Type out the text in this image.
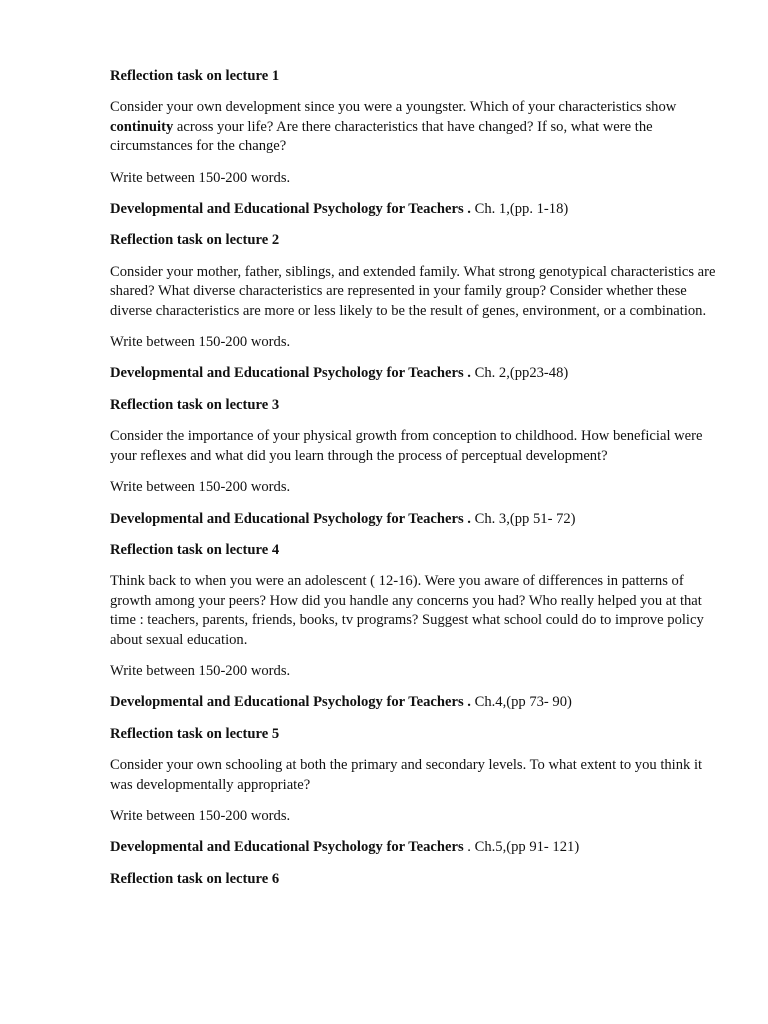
Reflection task on lecture 1

Consider your own development since you were a youngster. Which of your characteristics show continuity across your life? Are there characteristics that have changed? If so, what were the circumstances for the change?

Write between 150-200 words.

Developmental and Educational Psychology for Teachers . Ch. 1,(pp. 1-18)

Reflection task on lecture 2

Consider your mother, father, siblings, and extended family. What strong genotypical characteristics are shared? What diverse characteristics are represented in your family group? Consider whether these diverse characteristics are more or less likely to be the result of genes, environment, or a combination.

Write between 150-200 words.

Developmental and Educational Psychology for Teachers . Ch. 2,(pp23-48)

Reflection task on lecture 3

Consider the importance of your physical growth from conception to childhood. How beneficial were your reflexes and what did you learn through the process of perceptual development?

Write between 150-200 words.

Developmental and Educational Psychology for Teachers . Ch. 3,(pp 51- 72)

Reflection task on lecture 4

Think back to when you were an adolescent ( 12-16). Were you aware of differences in patterns of growth among your peers? How did you handle any concerns you had? Who really helped you at that time : teachers, parents, friends, books, tv programs? Suggest what school could do to improve policy about sexual education.

Write between 150-200 words.

Developmental and Educational Psychology for Teachers . Ch.4,(pp 73- 90)

Reflection task on lecture 5

Consider your own schooling at both the primary and secondary levels. To what extent to you think it was developmentally appropriate?

Write between 150-200 words.

Developmental and Educational Psychology for Teachers . Ch.5,(pp 91- 121)

Reflection task on lecture 6
